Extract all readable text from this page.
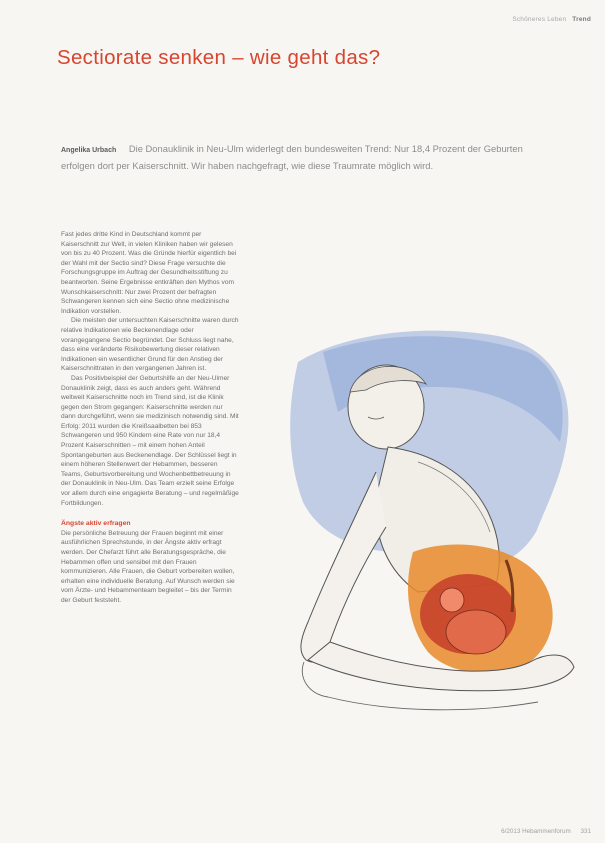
Schöneres Leben Trend
Sectiorate senken – wie geht das?
Angelika Urbach Die Donauklinik in Neu-Ulm widerlegt den bundesweiten Trend: Nur 18,4 Prozent der Geburten erfolgen dort per Kaiserschnitt. Wir haben nachgefragt, wie diese Traumrate möglich wird.

Fast jedes dritte Kind in Deutschland kommt per Kaiserschnitt zur Welt, in vielen Kliniken haben wir gelesen von bis zu 40 Prozent. Was die Gründe hierfür eigentlich bei der Wahl mit der Sectio sind? Diese Frage versuchte die Forschungsgruppe im Auftrag der Gesundheitsstiftung zu beantworten. Seine Ergebnisse entkräften den Mythos vom Wunschkaiserschnitt: Nur zwei Prozent der befragten Schwangeren kennen sich eine Sectio ohne medizinische Indikation vorstellen.

Die meisten der untersuchten Kaiserschnitte waren durch relative Indikationen wie Beckenendlage oder vorangegangene Sectio begründet. Der Schluss liegt nahe, dass eine veränderte Risikobewertung dieser relativen Indikationen ein wesentlicher Grund für den Anstieg der Kaiserschnittraten in den vergangenen Jahren ist.

Das Positivbeispiel der Geburtshilfe an der Neu-Ulmer Donauklinik zeigt, dass es auch anders geht. Während weltweit Kaiserschnitte noch im Trend sind, ist die Klinik gegen den Strom gegangen: Kaiserschnitte werden nur dann durchgeführt, wenn sie medizinisch notwendig sind. Mit Erfolg: 2011 wurden die Kreißsaalbetten bei 853 Schwangeren und 950 Kindern eine Rate von nur 18,4 Prozent Kaiserschnitten – mit einem hohen Anteil Spontangeburten aus Beckenendlage. Der Schlüssel liegt in einem höheren Stellenwert der Hebammen, besseren Teams, Geburtsvorbereitung und Wochenbettbetreuung in der Donauklinik in Neu-Ulm. Das Team erzielt seine Erfolge vor allem durch eine engagierte Beratung – und regelmäßige Fortbildungen.

Ängste aktiv erfragen

Die persönliche Betreuung der Frauen beginnt mit einer ausführlichen Sprechstunde, in der Ängste aktiv erfragt werden. Der Chefarzt führt alle Beratungsgespräche, die Hebammen offen und sensibel mit den Frauen kommunizieren. Alle Frauen, die Geburt vorbereiten wollen, erhalten eine individuelle Beratung. Auf Wunsch werden sie vom Ärzte- und Hebammenteam begleitet – bis der Termin der Geburt feststeht.

6/2013 Hebammenforum 331
